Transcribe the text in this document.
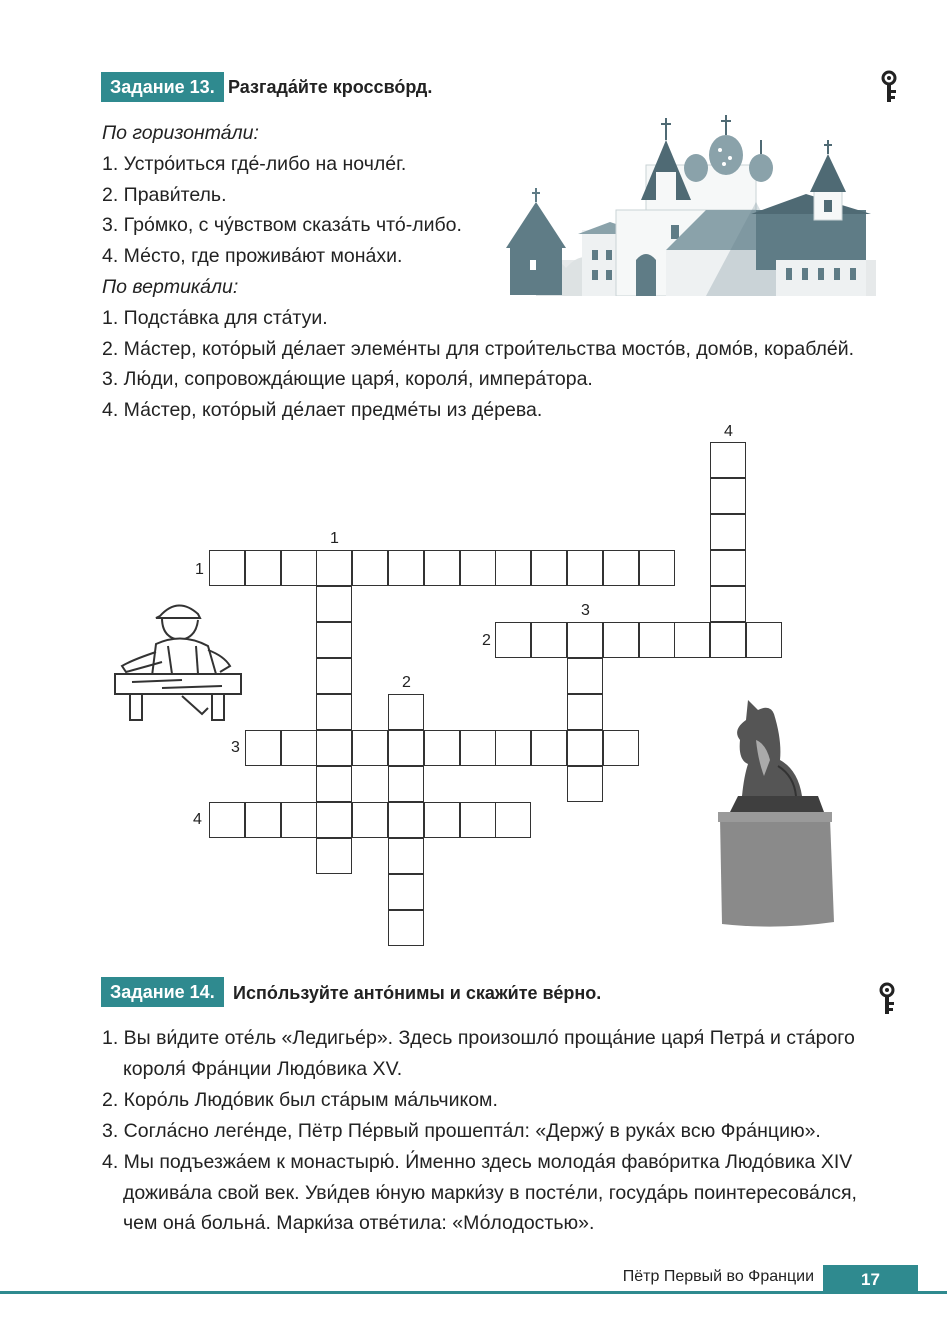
Задание 13. Разгада́йте кроссво́рд.
По горизонта́ли:
1. Устро́иться где́-либо на ночле́г.
2. Прави́тель.
3. Гро́мко, с чу́вством сказа́ть что́-либо.
4. Ме́сто, где прожива́ют мона́хи.
По вертика́ли:
1. Подста́вка для ста́туи.
2. Ма́стер, кото́рый де́лает элеме́нты для строи́тельства мосто́в, домо́в, корабле́й.
3. Лю́ди, сопровожда́ющие царя́, короля́, импера́тора.
4. Ма́стер, кото́рый де́лает предме́ты из де́рева.
4
1
1
3
2
2
3
4
Задание 14.	Испо́льзуйте анто́нимы и скажи́те ве́рно.
1. Вы ви́дите оте́ль «Ледигье́р». Здесь произошло́ проща́ние царя́ Петра́ и ста́рого
короля́ Фра́нции Людо́вика XV.
2. Коро́ль Людо́вик был ста́рым ма́льчиком.
3. Согла́сно леге́нде, Пётр Пе́рвый прошепта́л: «Держу́ в рука́х всю Фра́нцию».
4. Мы подъезжа́ем к монастырю́. И́менно здесь молода́я фаво́ритка Людо́вика XIV
дожива́ла свой век. Уви́дев ю́ную марки́зу в посте́ли, госуда́рь поинтересова́лся,
чем она́ больна́. Марки́за отве́тила: «Мо́лодостью».
Пётр Первый во Франции	17
